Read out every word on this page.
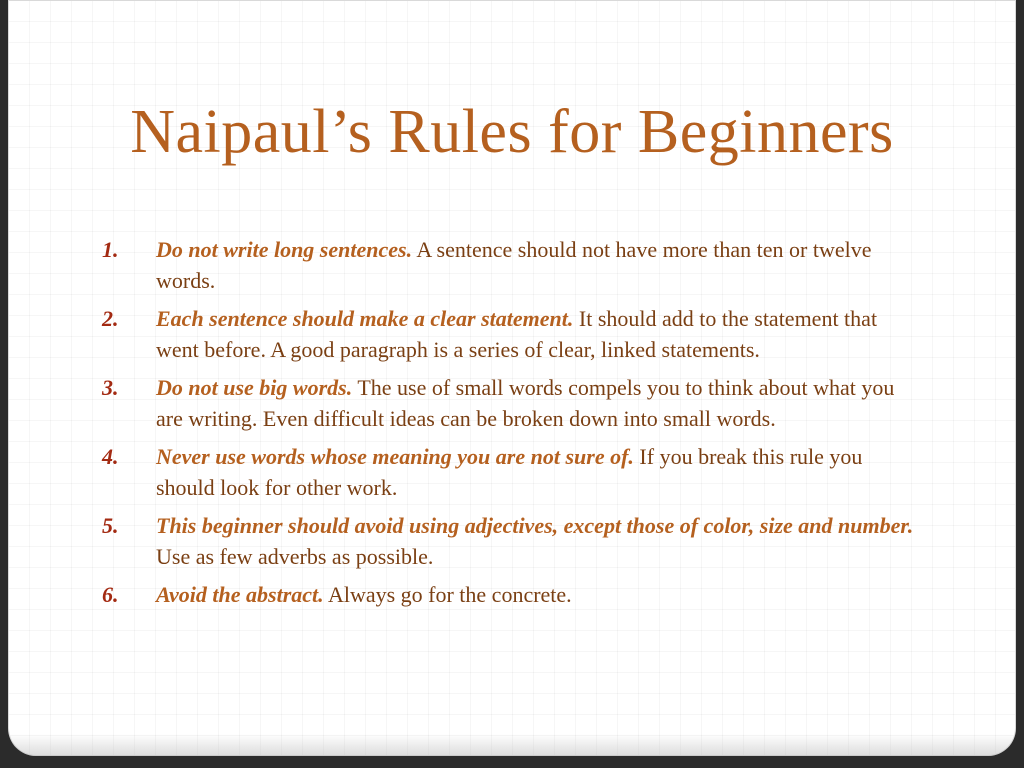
Naipaul’s Rules for Beginners
1. Do not write long sentences. A sentence should not have more than ten or twelve words.
2. Each sentence should make a clear statement. It should add to the statement that went before. A good paragraph is a series of clear, linked statements.
3. Do not use big words. The use of small words compels you to think about what you are writing. Even difficult ideas can be broken down into small words.
4. Never use words whose meaning you are not sure of. If you break this rule you should look for other work.
5. This beginner should avoid using adjectives, except those of color, size and number. Use as few adverbs as possible.
6. Avoid the abstract. Always go for the concrete.
